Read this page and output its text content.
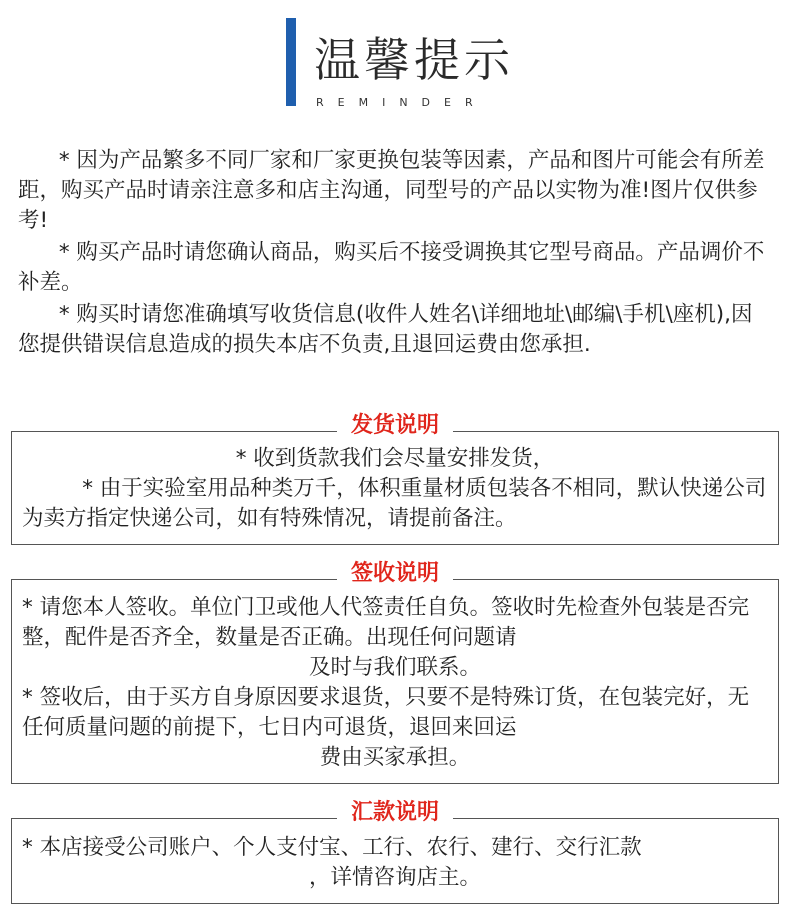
温馨提示
REMINDER

* 因为产品繁多不同厂家和厂家更换包装等因素，产品和图片可能会有所差距，购买产品时请亲注意多和店主沟通，同型号的产品以实物为准!图片仅供参考!

* 购买产品时请您确认商品，购买后不接受调换其它型号商品。产品调价不补差。

* 购买时请您准确填写收货信息(收件人姓名\详细地址\邮编\手机\座机),因您提供错误信息造成的损失本店不负责,且退回运费由您承担.

发货说明
* 收到货款我们会尽量安排发货，
* 由于实验室用品种类万千，体积重量材质包装各不相同，默认快递公司为卖方指定快递公司，如有特殊情况，请提前备注。
签收说明
* 请您本人签收。单位门卫或他人代签责任自负。签收时先检查外包装是否完整，配件是否齐全，数量是否正确。出现任何问题请
及时与我们联系。
* 签收后，由于买方自身原因要求退货，只要不是特殊订货，在包装完好，无任何质量问题的前提下，七日内可退货，退回来回运
费由买家承担。
汇款说明
* 本店接受公司账户、个人支付宝、工行、农行、建行、交行汇款
，详情咨询店主。
